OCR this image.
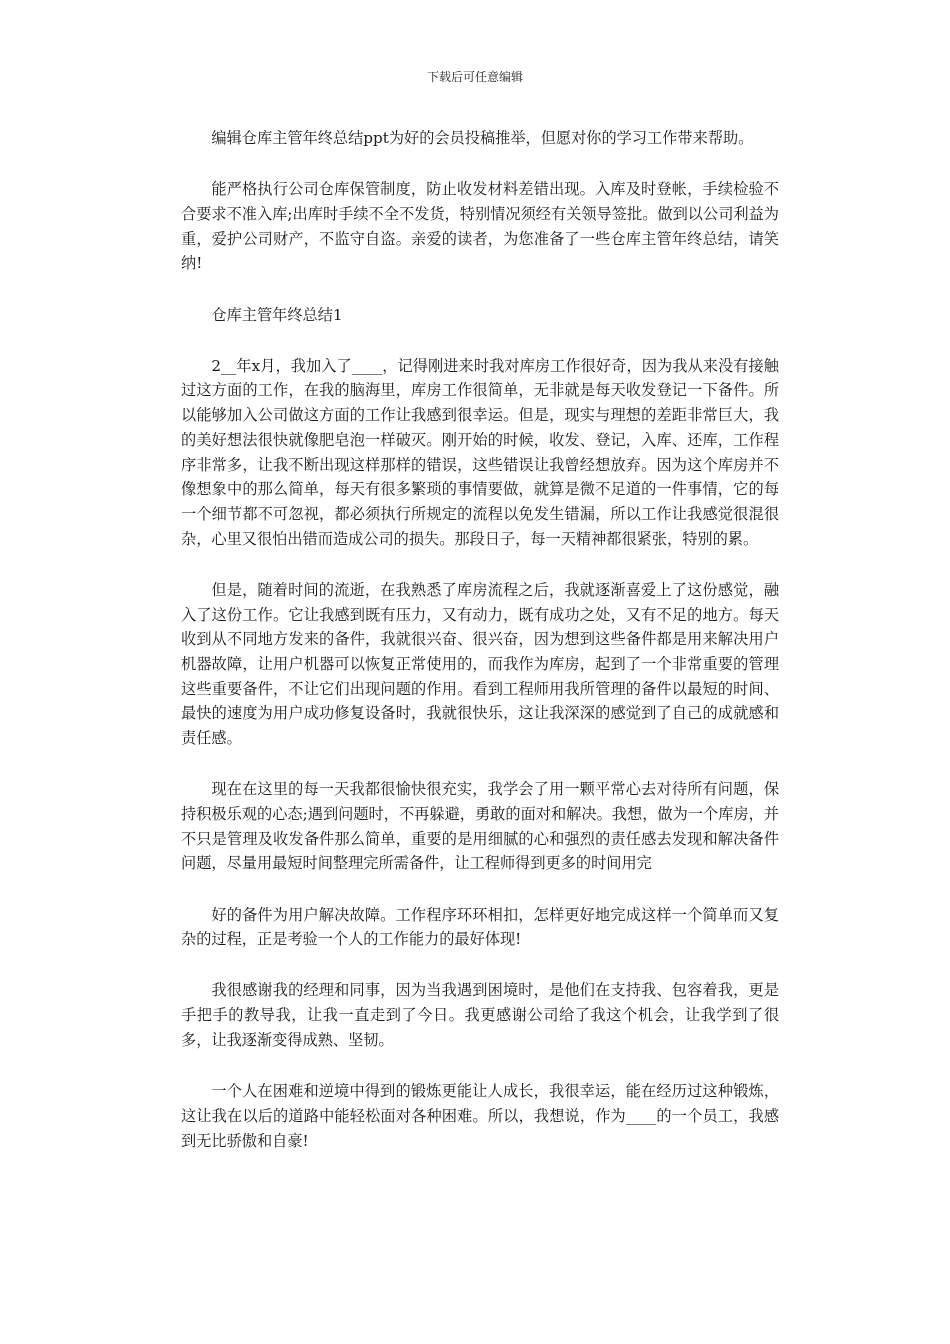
下载后可任意编辑

编辑仓库主管年终总结ppt为好的会员投稿推举，但愿对你的学习工作带来帮助。

能严格执行公司仓库保管制度，防止收发材料差错出现。入库及时登帐，手续检验不合要求不准入库;出库时手续不全不发货，特别情况须经有关领导签批。做到以公司利益为重，爱护公司财产，不监守自盗。亲爱的读者，为您准备了一些仓库主管年终总结，请笑纳!

仓库主管年终总结1

2__年x月，我加入了____，记得刚进来时我对库房工作很好奇，因为我从来没有接触过这方面的工作，在我的脑海里，库房工作很简单，无非就是每天收发登记一下备件。所以能够加入公司做这方面的工作让我感到很幸运。但是，现实与理想的差距非常巨大，我的美好想法很快就像肥皂泡一样破灭。刚开始的时候，收发、登记，入库、还库，工作程序非常多，让我不断出现这样那样的错误，这些错误让我曾经想放弃。因为这个库房并不像想象中的那么简单，每天有很多繁琐的事情要做，就算是微不足道的一件事情，它的每一个细节都不可忽视，都必须执行所规定的流程以免发生错漏，所以工作让我感觉很混很杂，心里又很怕出错而造成公司的损失。那段日子，每一天精神都很紧张，特别的累。

但是，随着时间的流逝，在我熟悉了库房流程之后，我就逐渐喜爱上了这份感觉，融入了这份工作。它让我感到既有压力，又有动力，既有成功之处，又有不足的地方。每天收到从不同地方发来的备件，我就很兴奋、很兴奋，因为想到这些备件都是用来解决用户机器故障，让用户机器可以恢复正常使用的，而我作为库房，起到了一个非常重要的管理这些重要备件，不让它们出现问题的作用。看到工程师用我所管理的备件以最短的时间、最快的速度为用户成功修复设备时，我就很快乐，这让我深深的感觉到了自己的成就感和责任感。

现在在这里的每一天我都很愉快很充实，我学会了用一颗平常心去对待所有问题，保持积极乐观的心态;遇到问题时，不再躲避，勇敢的面对和解决。我想，做为一个库房，并不只是管理及收发备件那么简单，重要的是用细腻的心和强烈的责任感去发现和解决备件问题，尽量用最短时间整理完所需备件，让工程师得到更多的时间用完

好的备件为用户解决故障。工作程序环环相扣，怎样更好地完成这样一个简单而又复杂的过程，正是考验一个人的工作能力的最好体现!

我很感谢我的经理和同事，因为当我遇到困境时，是他们在支持我、包容着我，更是手把手的教导我，让我一直走到了今日。我更感谢公司给了我这个机会，让我学到了很多，让我逐渐变得成熟、坚韧。

一个人在困难和逆境中得到的锻炼更能让人成长，我很幸运，能在经历过这种锻炼，这让我在以后的道路中能轻松面对各种困难。所以，我想说，作为____的一个员工，我感到无比骄傲和自豪!
